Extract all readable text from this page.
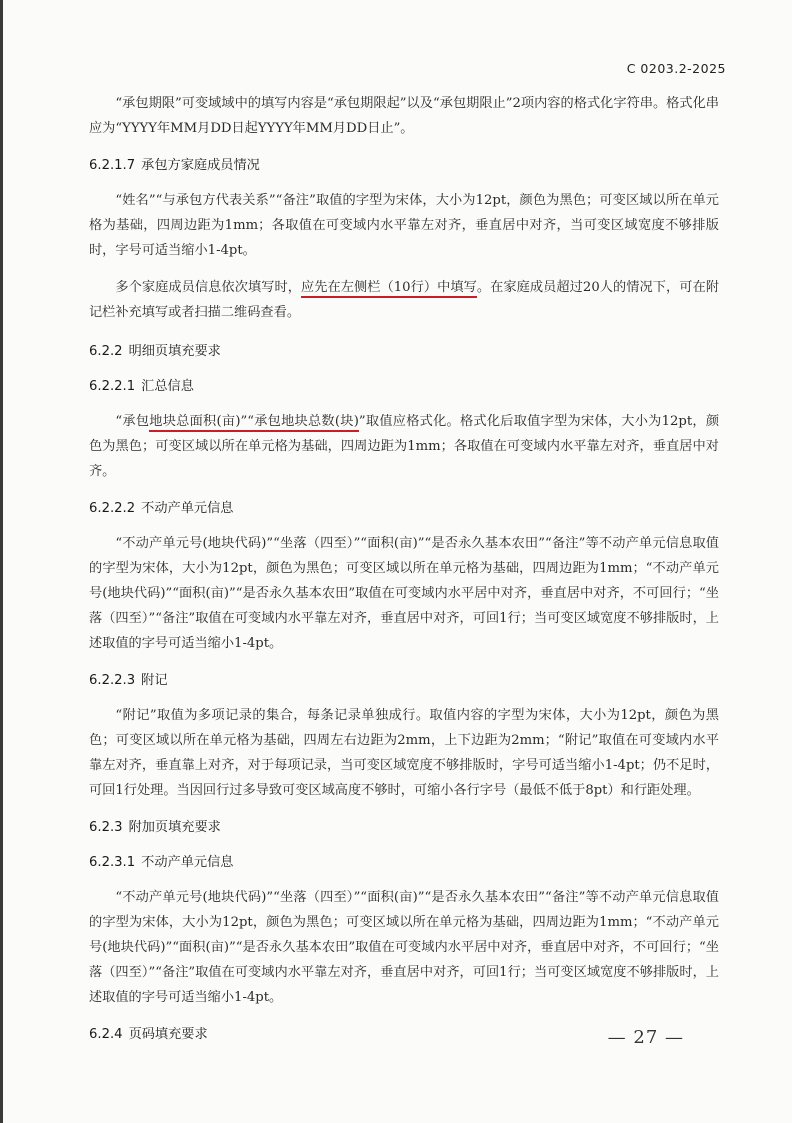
C 0203.2-2025

“承包期限”可变域域中的填写内容是“承包期限起”以及“承包期限止”2项内容的格式化字符串。格式化串应为“YYYY年MM月DD日起YYYY年MM月DD日止”。

6.2.1.7 承包方家庭成员情况

“姓名”“与承包方代表关系”“备注”取值的字型为宋体，大小为12pt，颜色为黑色；可变区域以所在单元格为基础，四周边距为1mm；各取值在可变域内水平靠左对齐，垂直居中对齐，当可变区域宽度不够排版时，字号可适当缩小1-4pt。

多个家庭成员信息依次填写时，应先在左侧栏（10行）中填写。在家庭成员超过20人的情况下，可在附记栏补充填写或者扫描二维码查看。

6.2.2 明细页填充要求
6.2.2.1 汇总信息

“承包地块总面积(亩)”“承包地块总数(块)”取值应格式化。格式化后取值字型为宋体，大小为12pt，颜色为黑色；可变区域以所在单元格为基础，四周边距为1mm；各取值在可变域内水平靠左对齐，垂直居中对齐。

6.2.2.2 不动产单元信息

“不动产单元号(地块代码)”“坐落（四至）”“面积(亩)”“是否永久基本农田”“备注”等不动产单元信息取值的字型为宋体，大小为12pt，颜色为黑色；可变区域以所在单元格为基础，四周边距为1mm；“不动产单元号(地块代码)”“面积(亩)”“是否永久基本农田”取值在可变域内水平居中对齐，垂直居中对齐，不可回行；“坐落（四至）”“备注”取值在可变域内水平靠左对齐，垂直居中对齐，可回1行；当可变区域宽度不够排版时，上述取值的字号可适当缩小1-4pt。

6.2.2.3 附记

“附记”取值为多项记录的集合，每条记录单独成行。取值内容的字型为宋体，大小为12pt，颜色为黑色；可变区域以所在单元格为基础，四周左右边距为2mm，上下边距为2mm；“附记”取值在可变域内水平靠左对齐，垂直靠上对齐，对于每项记录，当可变区域宽度不够排版时，字号可适当缩小1-4pt；仍不足时，可回1行处理。当因回行过多导致可变区域高度不够时，可缩小各行字号（最低不低于8pt）和行距处理。

6.2.3 附加页填充要求
6.2.3.1 不动产单元信息

“不动产单元号(地块代码)”“坐落（四至）”“面积(亩)”“是否永久基本农田”“备注”等不动产单元信息取值的字型为宋体，大小为12pt，颜色为黑色；可变区域以所在单元格为基础，四周边距为1mm；“不动产单元号(地块代码)”“面积(亩)”“是否永久基本农田”取值在可变域内水平居中对齐，垂直居中对齐，不可回行；“坐落（四至）”“备注”取值在可变域内水平靠左对齐，垂直居中对齐，可回1行；当可变区域宽度不够排版时，上述取值的字号可适当缩小1-4pt。

6.2.4 页码填充要求	— 27 —
